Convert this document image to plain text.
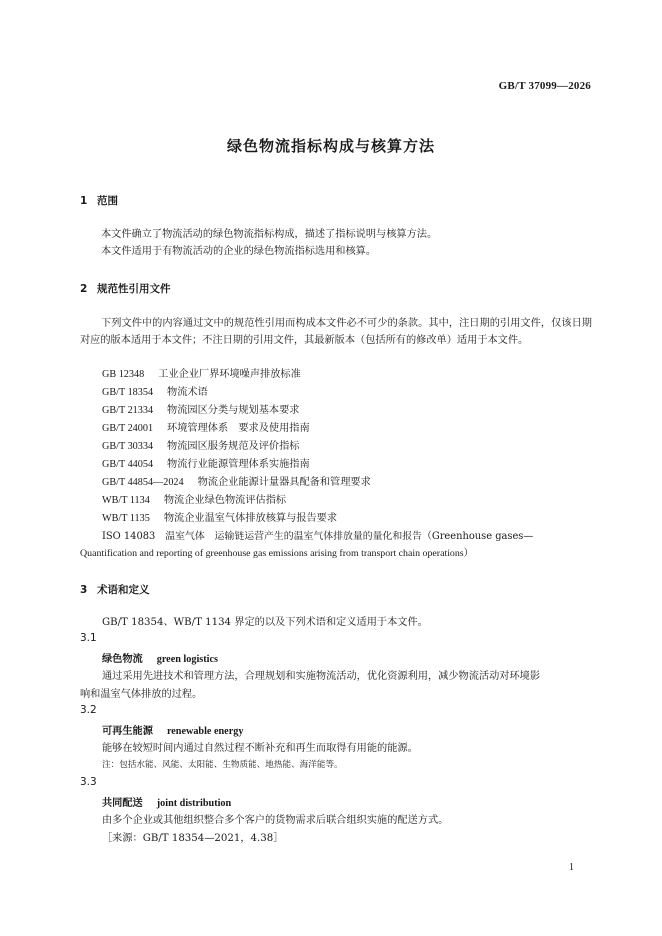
GB/T 37099—2026
绿色物流指标构成与核算方法
1 范围
本文件确立了物流活动的绿色物流指标构成，描述了指标说明与核算方法。
本文件适用于有物流活动的企业的绿色物流指标选用和核算。
2 规范性引用文件
下列文件中的内容通过文中的规范性引用而构成本文件必不可少的条款。其中，注日期的引用文件，仅该日期对应的版本适用于本文件；不注日期的引用文件，其最新版本（包括所有的修改单）适用于本文件。
GB 12348 工业企业厂界环境噪声排放标准
GB/T 18354 物流术语
GB/T 21334 物流园区分类与规划基本要求
GB/T 24001 环境管理体系　要求及使用指南
GB/T 30334 物流园区服务规范及评价指标
GB/T 44054 物流行业能源管理体系实施指南
GB/T 44854—2024 物流企业能源计量器具配备和管理要求
WB/T 1134 物流企业绿色物流评估指标
WB/T 1135 物流企业温室气体排放核算与报告要求
ISO 14083　温室气体　运输链运营产生的温室气体排放量的量化和报告（Greenhouse gases—
Quantification and reporting of greenhouse gas emissions arising from transport chain operations）
3 术语和定义
GB/T 18354、WB/T 1134 界定的以及下列术语和定义适用于本文件。
3.1
绿色物流 green logistics
通过采用先进技术和管理方法，合理规划和实施物流活动，优化资源利用，减少物流活动对环境影
响和温室气体排放的过程。
3.2
可再生能源 renewable energy
能够在较短时间内通过自然过程不断补充和再生而取得有用能的能源。
注：包括水能、风能、太阳能、生物质能、地热能、海洋能等。
3.3
共同配送 joint distribution
由多个企业或其他组织整合多个客户的货物需求后联合组织实施的配送方式。
［来源：GB/T 18354—2021，4.38］
1
